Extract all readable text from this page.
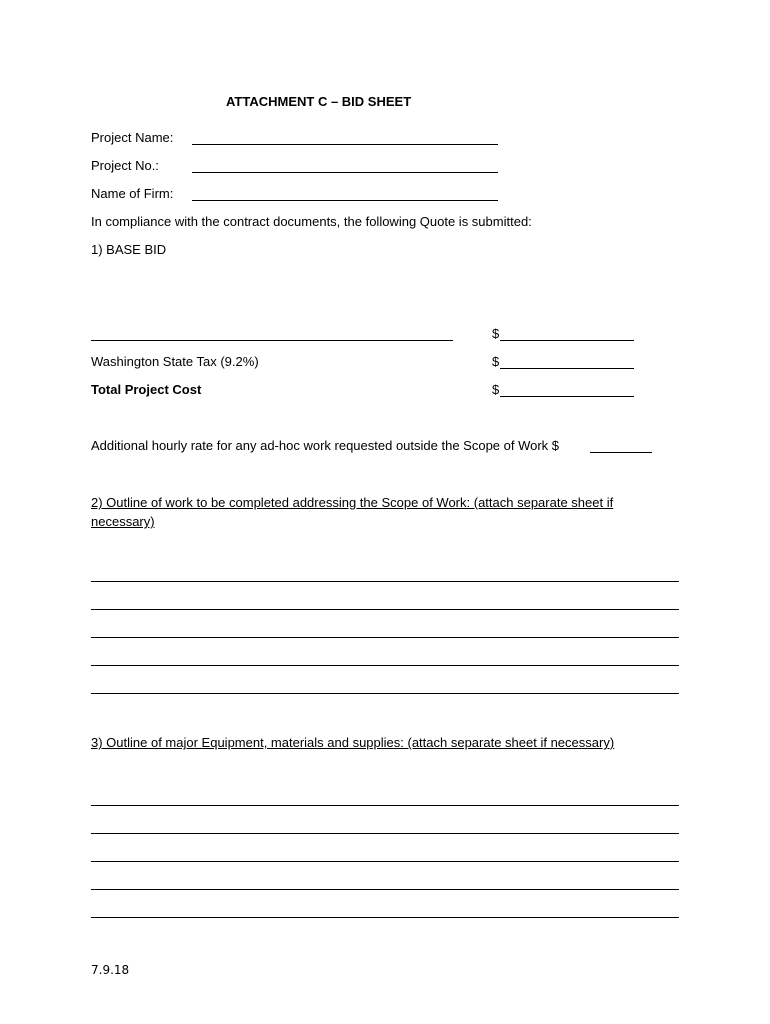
ATTACHMENT C – BID SHEET
Project Name:
Project No.:
Name of Firm:
In compliance with the contract documents, the following Quote is submitted:
1) BASE BID
$
Washington State Tax (9.2%)	$
Total Project Cost	$
Additional hourly rate for any ad-hoc work requested outside the Scope of Work $
2) Outline of work to be completed addressing the Scope of Work: (attach separate sheet if necessary)
3) Outline of major Equipment, materials and supplies: (attach separate sheet if necessary)
7.9.18
